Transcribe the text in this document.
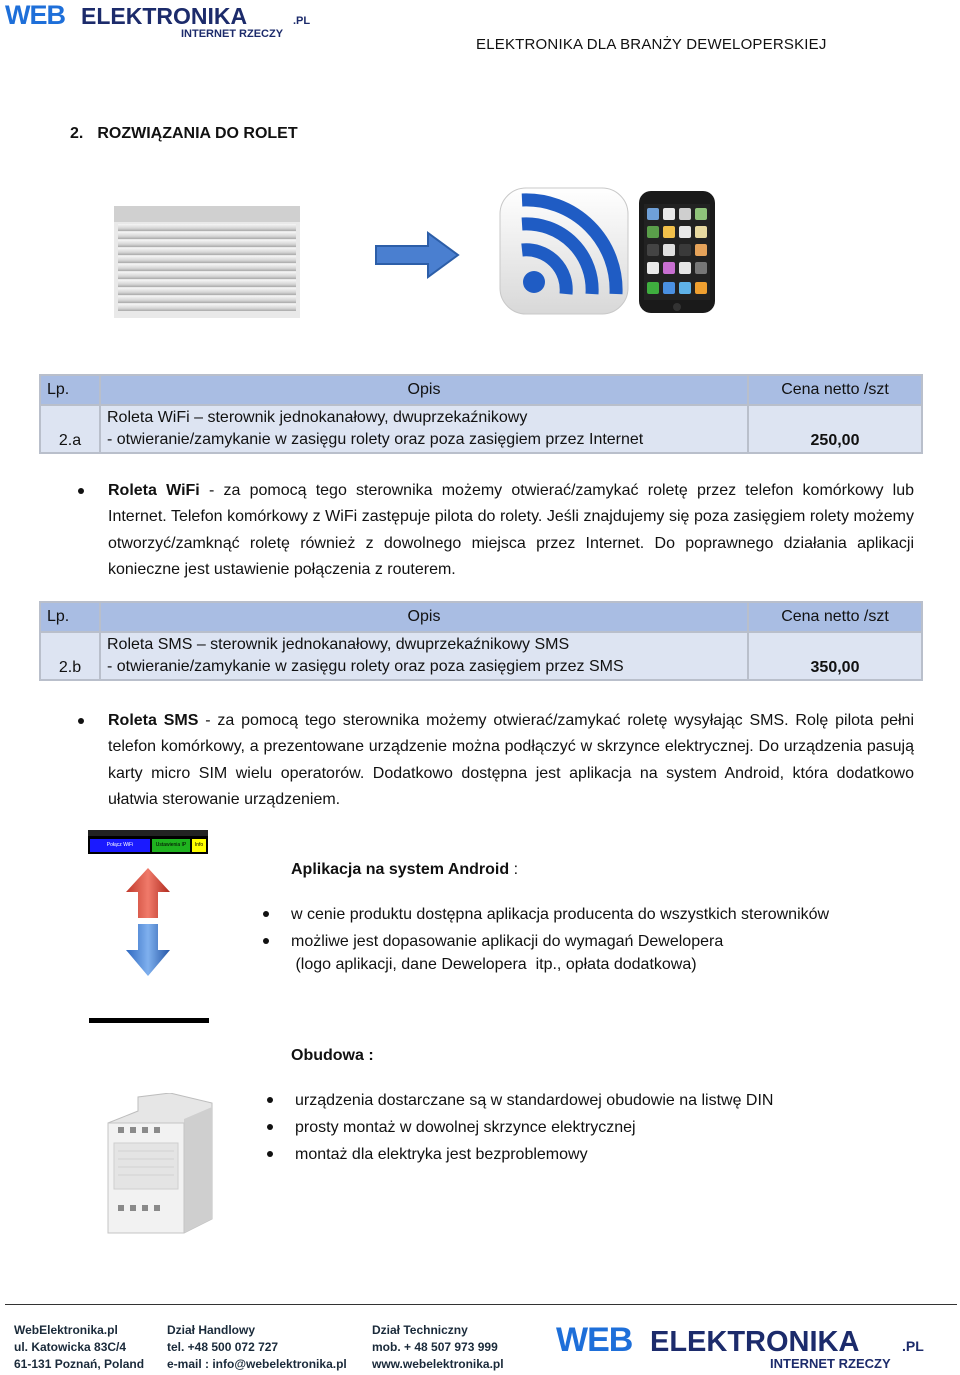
WEB ELEKTRONIKA	.PL
INTERNET RZECZY
ELEKTRONIKA DLA BRANŻY DEWELOPERSKIEJ
2. ROZWIĄZANIA DO ROLET
Lp.	Opis	Cena netto /szt
2.a	Roleta WiFi – sterownik jednokanałowy, dwuprzekaźnikowy
- otwieranie/zamykanie w zasięgu rolety oraz poza zasięgiem przez Internet	250,00
Roleta WiFi - za pomocą tego sterownika możemy otwierać/zamykać roletę przez telefon komórkowy lub Internet. Telefon komórkowy z WiFi zastępuje pilota do rolety. Jeśli znajdujemy się poza zasięgiem rolety możemy otworzyć/zamknąć roletę również z dowolnego miejsca przez Internet. Do poprawnego działania aplikacji konieczne jest ustawienie połączenia z routerem.
Lp.	Opis	Cena netto /szt
2.b	Roleta SMS – sterownik jednokanałowy, dwuprzekaźnikowy SMS
- otwieranie/zamykanie w zasięgu rolety oraz poza zasięgiem przez SMS	350,00
Roleta SMS - za pomocą tego sterownika możemy otwierać/zamykać roletę wysyłając SMS. Rolę pilota pełni telefon komórkowy, a prezentowane urządzenie można podłączyć w skrzynce elektrycznej. Do urządzenia pasują karty micro SIM wielu operatorów. Dodatkowo dostępna jest aplikacja na system Android, która dodatkowo ułatwia sterowanie urządzeniem.
Połącz WiFi	Ustawienia IP	Info
Aplikacja na system Android :
w cenie produktu dostępna aplikacja producenta do wszystkich sterowników
możliwe jest dopasowanie aplikacji do wymagań Dewelopera
(logo aplikacji, dane Dewelopera  itp., opłata dodatkowa)
Obudowa :
urządzenia dostarczane są w standardowej obudowie na listwę DIN
prosty montaż w dowolnej skrzynce elektrycznej
montaż dla elektryka jest bezproblemowy
WebElektronika.pl
ul. Katowicka 83C/4
61-131 Poznań, Poland
Dział Handlowy
tel. +48 500 072 727
e-mail : info@webelektronika.pl
Dział Techniczny
mob. + 48 507 973 999
www.webelektronika.pl
WEB ELEKTRONIKA	.PL
INTERNET RZECZY
